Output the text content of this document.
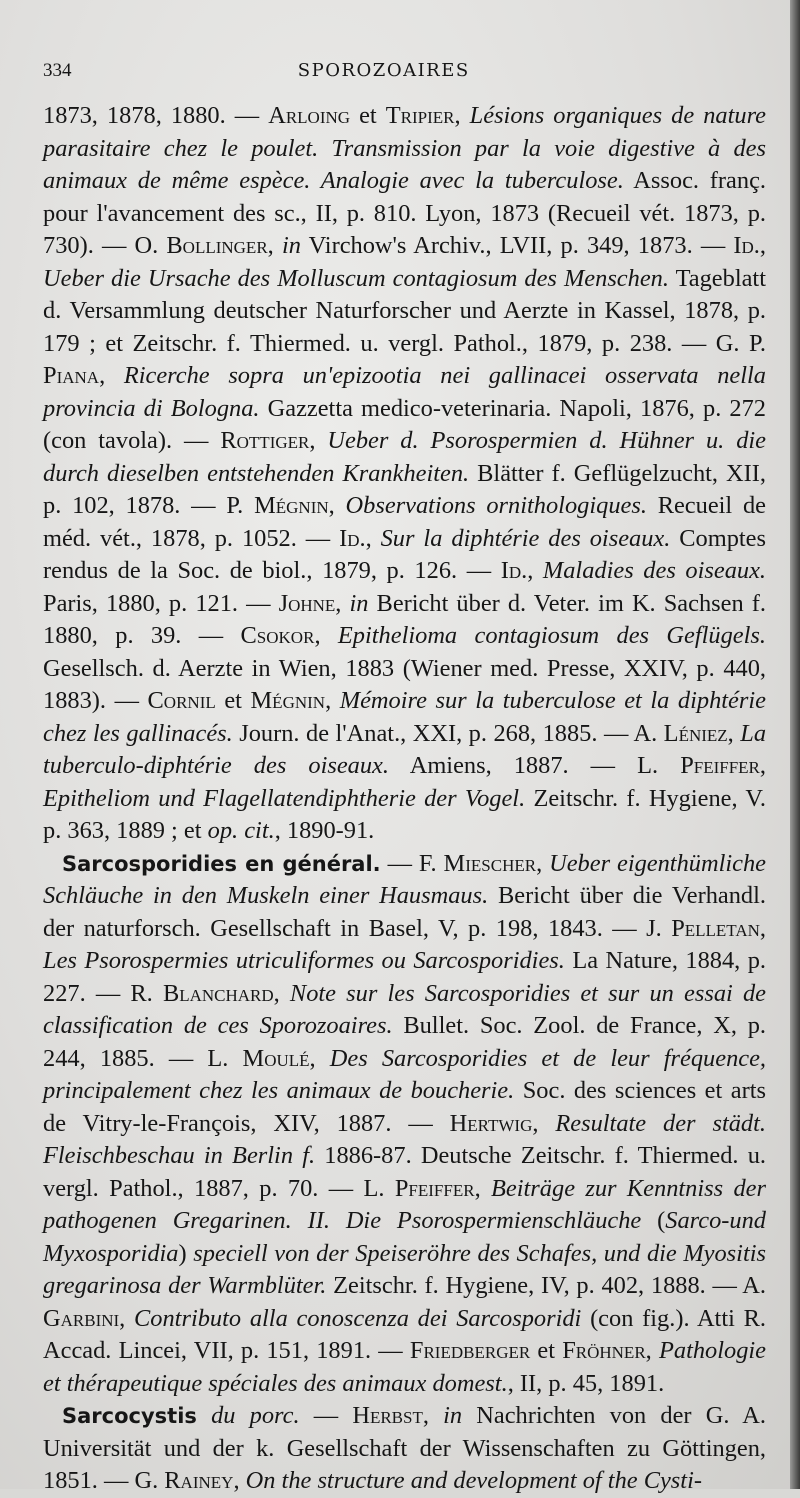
334	SPOROZOAIRES

1873, 1878, 1880. — Arloing et Tripier, Lésions organiques de nature parasitaire chez le poulet. Transmission par la voie digestive à des animaux de même espèce. Analogie avec la tuberculose. Assoc. franç. pour l'avancement des sc., II, p. 810. Lyon, 1873 (Recueil vét. 1873, p. 730). — O. Bollinger, in Virchow's Archiv., LVII, p. 349, 1873. — Id., Ueber die Ursache des Molluscum contagiosum des Menschen. Tageblatt d. Versammlung deutscher Naturforscher und Aerzte in Kassel, 1878, p. 179 ; et Zeitschr. f. Thiermed. u. vergl. Pathol., 1879, p. 238. — G. P. Piana, Ricerche sopra un'epizootia nei gallinacei osservata nella provincia di Bologna. Gazzetta medico-veterinaria. Napoli, 1876, p. 272 (con tavola). — Rottiger, Ueber d. Psorospermien d. Hühner u. die durch dieselben entstehenden Krankheiten. Blätter f. Geflügelzucht, XII, p. 102, 1878. — P. Mégnin, Observations ornithologiques. Recueil de méd. vét., 1878, p. 1052. — Id., Sur la diphtérie des oiseaux. Comptes rendus de la Soc. de biol., 1879, p. 126. — Id., Maladies des oiseaux. Paris, 1880, p. 121. — Johne, in Bericht über d. Veter. im K. Sachsen f. 1880, p. 39. — Csokor, Epithelioma contagiosum des Geflügels. Gesellsch. d. Aerzte in Wien, 1883 (Wiener med. Presse, XXIV, p. 440, 1883). — Cornil et Mégnin, Mémoire sur la tuberculose et la diphtérie chez les gallinacés. Journ. de l'Anat., XXI, p. 268, 1885. — A. Léniez, La tuberculo-diphtérie des oiseaux. Amiens, 1887. — L. Pfeiffer, Epitheliom und Flagellatendiphtherie der Vogel. Zeitschr. f. Hygiene, V. p. 363, 1889 ; et op. cit., 1890-91.

Sarcosporidies en général. — F. Miescher, Ueber eigenthümliche Schläuche in den Muskeln einer Hausmaus. Bericht über die Verhandl. der naturforsch. Gesellschaft in Basel, V, p. 198, 1843. — J. Pelletan, Les Psorospermies utriculiformes ou Sarcosporidies. La Nature, 1884, p. 227. — R. Blanchard, Note sur les Sarcosporidies et sur un essai de classification de ces Sporozoaires. Bullet. Soc. Zool. de France, X, p. 244, 1885. — L. Moulé, Des Sarcosporidies et de leur fréquence, principalement chez les animaux de boucherie. Soc. des sciences et arts de Vitry-le-François, XIV, 1887. — Hertwig, Resultate der städt. Fleischbeschau in Berlin f. 1886-87. Deutsche Zeitschr. f. Thiermed. u. vergl. Pathol., 1887, p. 70. — L. Pfeiffer, Beiträge zur Kenntniss der pathogenen Gregarinen. II. Die Psorospermienschläuche (Sarco-und Myxosporidia) speciell von der Speiseröhre des Schafes, und die Myositis gregarinosa der Warmblüter. Zeitschr. f. Hygiene, IV, p. 402, 1888. — A. Garbini, Contributo alla conoscenza dei Sarcosporidi (con fig.). Atti R. Accad. Lincei, VII, p. 151, 1891. — Friedberger et Fröhner, Pathologie et thérapeutique spéciales des animaux domest., II, p. 45, 1891.

Sarcocystis du porc. — Herbst, in Nachrichten von der G. A. Universität und der k. Gesellschaft der Wissenschaften zu Göttingen, 1851. — G. Rainey, On the structure and development of the Cysti-
